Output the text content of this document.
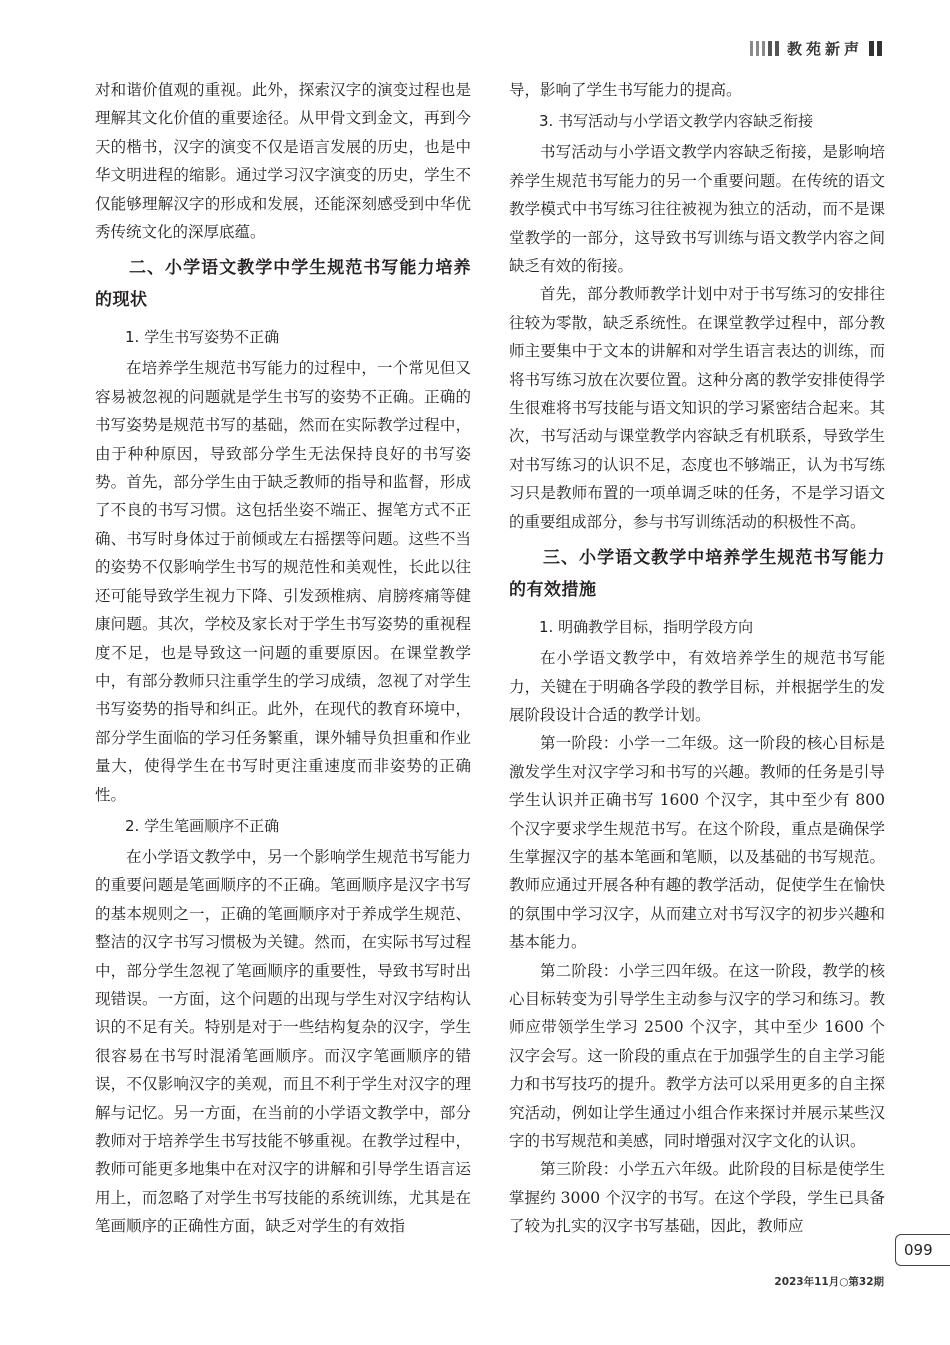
教苑新声

对和谐价值观的重视。此外，探索汉字的演变过程也是理解其文化价值的重要途径。从甲骨文到金文，再到今天的楷书，汉字的演变不仅是语言发展的历史，也是中华文明进程的缩影。通过学习汉字演变的历史，学生不仅能够理解汉字的形成和发展，还能深刻感受到中华优秀传统文化的深厚底蕴。

二、小学语文教学中学生规范书写能力培养的现状
1. 学生书写姿势不正确

在培养学生规范书写能力的过程中，一个常见但又容易被忽视的问题就是学生书写的姿势不正确。正确的书写姿势是规范书写的基础，然而在实际教学过程中，由于种种原因，导致部分学生无法保持良好的书写姿势。首先，部分学生由于缺乏教师的指导和监督，形成了不良的书写习惯。这包括坐姿不端正、握笔方式不正确、书写时身体过于前倾或左右摇摆等问题。这些不当的姿势不仅影响学生书写的规范性和美观性，长此以往还可能导致学生视力下降、引发颈椎病、肩膀疼痛等健康问题。其次，学校及家长对于学生书写姿势的重视程度不足，也是导致这一问题的重要原因。在课堂教学中，有部分教师只注重学生的学习成绩，忽视了对学生书写姿势的指导和纠正。此外，在现代的教育环境中，部分学生面临的学习任务繁重，课外辅导负担重和作业量大，使得学生在书写时更注重速度而非姿势的正确性。

2. 学生笔画顺序不正确

在小学语文教学中，另一个影响学生规范书写能力的重要问题是笔画顺序的不正确。笔画顺序是汉字书写的基本规则之一，正确的笔画顺序对于养成学生规范、整洁的汉字书写习惯极为关键。然而，在实际书写过程中，部分学生忽视了笔画顺序的重要性，导致书写时出现错误。一方面，这个问题的出现与学生对汉字结构认识的不足有关。特别是对于一些结构复杂的汉字，学生很容易在书写时混淆笔画顺序。而汉字笔画顺序的错误，不仅影响汉字的美观，而且不利于学生对汉字的理解与记忆。另一方面，在当前的小学语文教学中，部分教师对于培养学生书写技能不够重视。在教学过程中，教师可能更多地集中在对汉字的讲解和引导学生语言运用上，而忽略了对学生书写技能的系统训练，尤其是在笔画顺序的正确性方面，缺乏对学生的有效指

导，影响了学生书写能力的提高。

3. 书写活动与小学语文教学内容缺乏衔接

书写活动与小学语文教学内容缺乏衔接，是影响培养学生规范书写能力的另一个重要问题。在传统的语文教学模式中书写练习往往被视为独立的活动，而不是课堂教学的一部分，这导致书写训练与语文教学内容之间缺乏有效的衔接。

首先，部分教师教学计划中对于书写练习的安排往往较为零散，缺乏系统性。在课堂教学过程中，部分教师主要集中于文本的讲解和对学生语言表达的训练，而将书写练习放在次要位置。这种分离的教学安排使得学生很难将书写技能与语文知识的学习紧密结合起来。其次，书写活动与课堂教学内容缺乏有机联系，导致学生对书写练习的认识不足，态度也不够端正，认为书写练习只是教师布置的一项单调乏味的任务，不是学习语文的重要组成部分，参与书写训练活动的积极性不高。

三、小学语文教学中培养学生规范书写能力的有效措施
1. 明确教学目标，指明学段方向

在小学语文教学中，有效培养学生的规范书写能力，关键在于明确各学段的教学目标，并根据学生的发展阶段设计合适的教学计划。

第一阶段：小学一二年级。这一阶段的核心目标是激发学生对汉字学习和书写的兴趣。教师的任务是引导学生认识并正确书写 1600 个汉字，其中至少有 800 个汉字要求学生规范书写。在这个阶段，重点是确保学生掌握汉字的基本笔画和笔顺，以及基础的书写规范。教师应通过开展各种有趣的教学活动，促使学生在愉快的氛围中学习汉字，从而建立对书写汉字的初步兴趣和基本能力。

第二阶段：小学三四年级。在这一阶段，教学的核心目标转变为引导学生主动参与汉字的学习和练习。教师应带领学生学习 2500 个汉字，其中至少 1600 个汉字会写。这一阶段的重点在于加强学生的自主学习能力和书写技巧的提升。教学方法可以采用更多的自主探究活动，例如让学生通过小组合作来探讨并展示某些汉字的书写规范和美感，同时增强对汉字文化的认识。

第三阶段：小学五六年级。此阶段的目标是使学生掌握约 3000 个汉字的书写。在这个学段，学生已具备了较为扎实的汉字书写基础，因此，教师应

099
2023年11月○第32期
